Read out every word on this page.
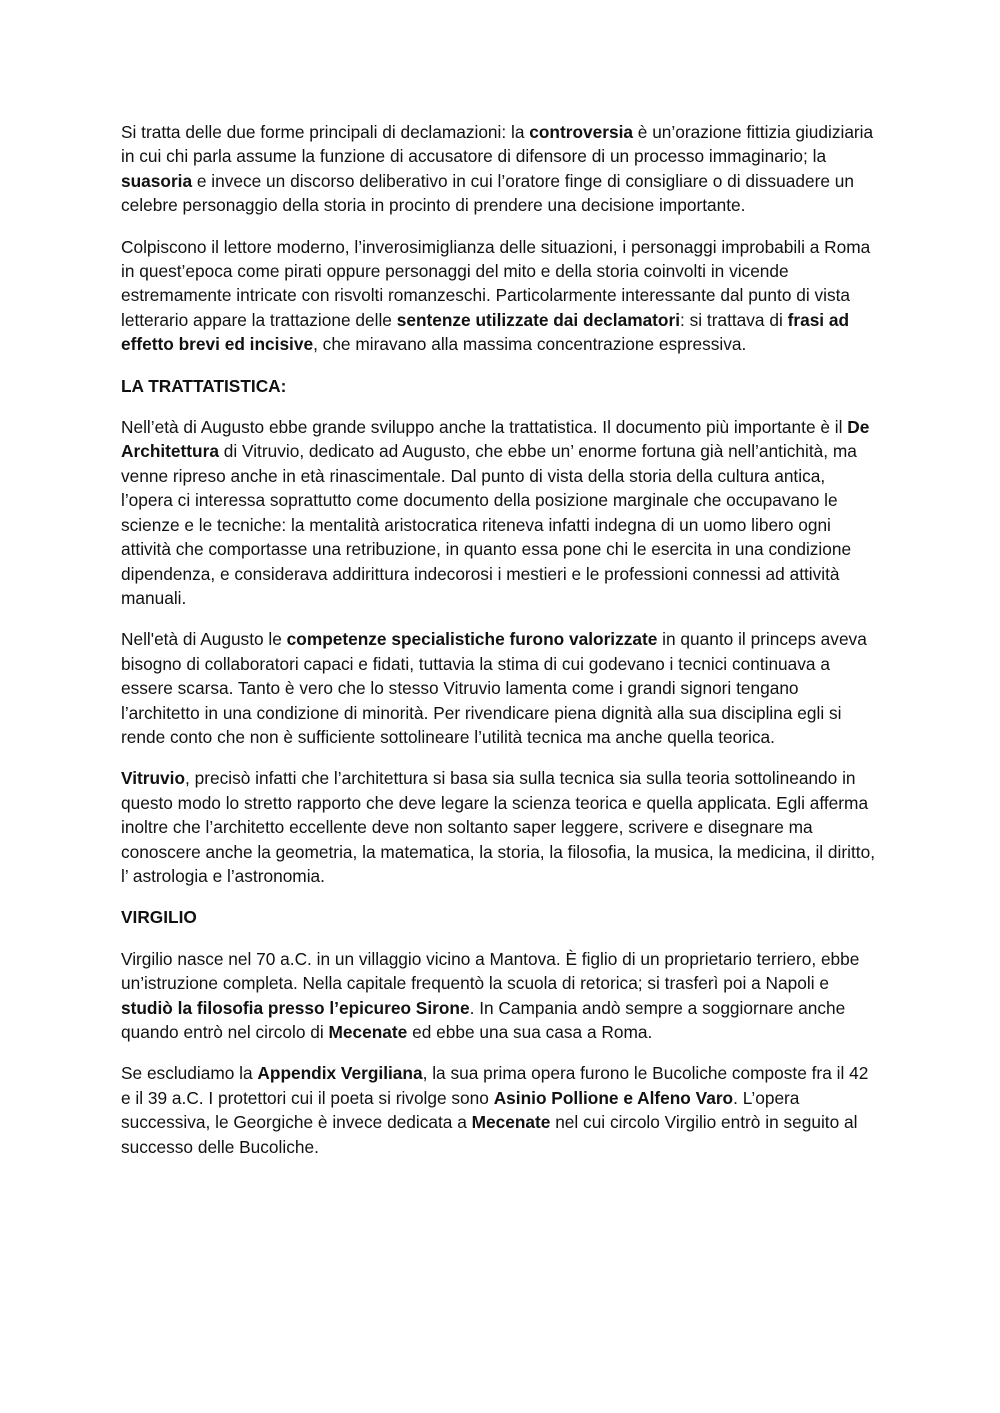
Si tratta delle due forme principali di declamazioni: la controversia è un’orazione fittizia giudiziaria in cui chi parla assume la funzione di accusatore di difensore di un processo immaginario; la suasoria e invece un discorso deliberativo in cui l’oratore finge di consigliare o di dissuadere un celebre personaggio della storia in procinto di prendere una decisione importante.

Colpiscono il lettore moderno, l’inverosimiglianza delle situazioni, i personaggi improbabili a Roma in quest’epoca come pirati oppure personaggi del mito e della storia coinvolti in vicende estremamente intricate con risvolti romanzeschi. Particolarmente interessante dal punto di vista letterario appare la trattazione delle sentenze utilizzate dai declamatori: si trattava di frasi ad effetto brevi ed incisive, che miravano alla massima concentrazione espressiva.

LA TRATTATISTICA:

Nell’età di Augusto ebbe grande sviluppo anche la trattatistica. Il documento più importante è il De Architettura di Vitruvio, dedicato ad Augusto, che ebbe un’ enorme fortuna già nell’antichità, ma venne ripreso anche in età rinascimentale. Dal punto di vista della storia della cultura antica, l’opera ci interessa soprattutto come documento della posizione marginale che occupavano le scienze e le tecniche: la mentalità aristocratica riteneva infatti indegna di un uomo libero ogni attività che comportasse una retribuzione, in quanto essa pone chi le esercita in una condizione dipendenza, e considerava addirittura indecorosi i mestieri e le professioni connessi ad attività manuali.

Nell'età di Augusto le competenze specialistiche furono valorizzate in quanto il princeps aveva bisogno di collaboratori capaci e fidati, tuttavia la stima di cui godevano i tecnici continuava a essere scarsa. Tanto è vero che lo stesso Vitruvio lamenta come i grandi signori tengano l’architetto in una condizione di minorità. Per rivendicare piena dignità alla sua disciplina egli si rende conto che non è sufficiente sottolineare l’utilità tecnica ma anche quella teorica.

Vitruvio, precisò infatti che l’architettura si basa sia sulla tecnica sia sulla teoria sottolineando in questo modo lo stretto rapporto che deve legare la scienza teorica e quella applicata. Egli afferma inoltre che l’architetto eccellente deve non soltanto saper leggere, scrivere e disegnare ma conoscere anche la geometria, la matematica, la storia, la filosofia, la musica, la medicina, il diritto, l’ astrologia e l’astronomia.

VIRGILIO

Virgilio nasce nel 70 a.C. in un villaggio vicino a Mantova. È figlio di un proprietario terriero, ebbe un’istruzione completa. Nella capitale frequentò la scuola di retorica; si trasferì poi a Napoli e studiò la filosofia presso l’epicureo Sirone. In Campania andò sempre a soggiornare anche quando entrò nel circolo di Mecenate ed ebbe una sua casa a Roma.

Se escludiamo la Appendix Vergiliana, la sua prima opera furono le Bucoliche composte fra il 42 e il 39 a.C. I protettori cui il poeta si rivolge sono Asinio Pollione e Alfeno Varo. L’opera successiva, le Georgiche è invece dedicata a Mecenate nel cui circolo Virgilio entrò in seguito al successo delle Bucoliche.
